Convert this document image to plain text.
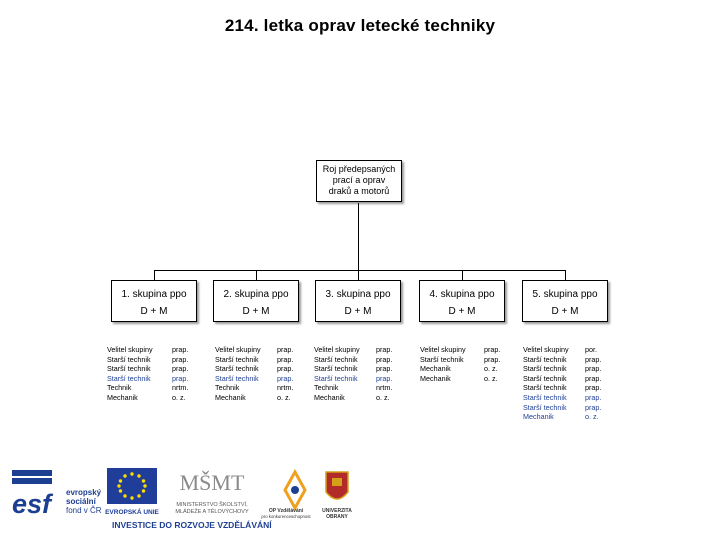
214. letka oprav letecké techniky
Roj předepsaných
prací a oprav
draků a motorů
1. skupina ppo
D + M
2. skupina ppo
D + M
3. skupina ppo
D + M
4. skupina ppo
D + M
5. skupina ppo
D + M
Velitel skupiny
Starší technik
Starší technik
Starší technik
Technik
Mechanik
prap.
prap.
prap.
prap.
nrtm.
o. z.
Velitel skupiny
Starší technik
Starší technik
Starší technik
Technik
Mechanik
prap.
prap.
prap.
prap.
nrtm.
o. z.
Velitel skupiny
Starší technik
Starší technik
Starší technik
Technik
Mechanik
prap.
prap.
prap.
prap.
nrtm.
o. z.
Velitel skupiny
Starší technik
Mechanik
Mechanik
prap.
prap.
o. z.
o. z.
Velitel skupiny
Starší technik
Starší technik
Starší technik
Starší technik
Starší technik
Starší technik
Mechanik
por.
prap.
prap.
prap.
prap.
prap.
prap.
o. z.
esf	evropský
sociální
fond v ČR EVROPSKÁ UNIE
MŠMT
MINISTERSTVO ŠKOLSTVÍ,
MLÁDEŽE A TĚLOVÝCHOVY	OP Vzdělávání
pro konkurenceschopnost
UNIVERZITA
OBRANY
INVESTICE DO ROZVOJE VZDĚLÁVÁNÍ
